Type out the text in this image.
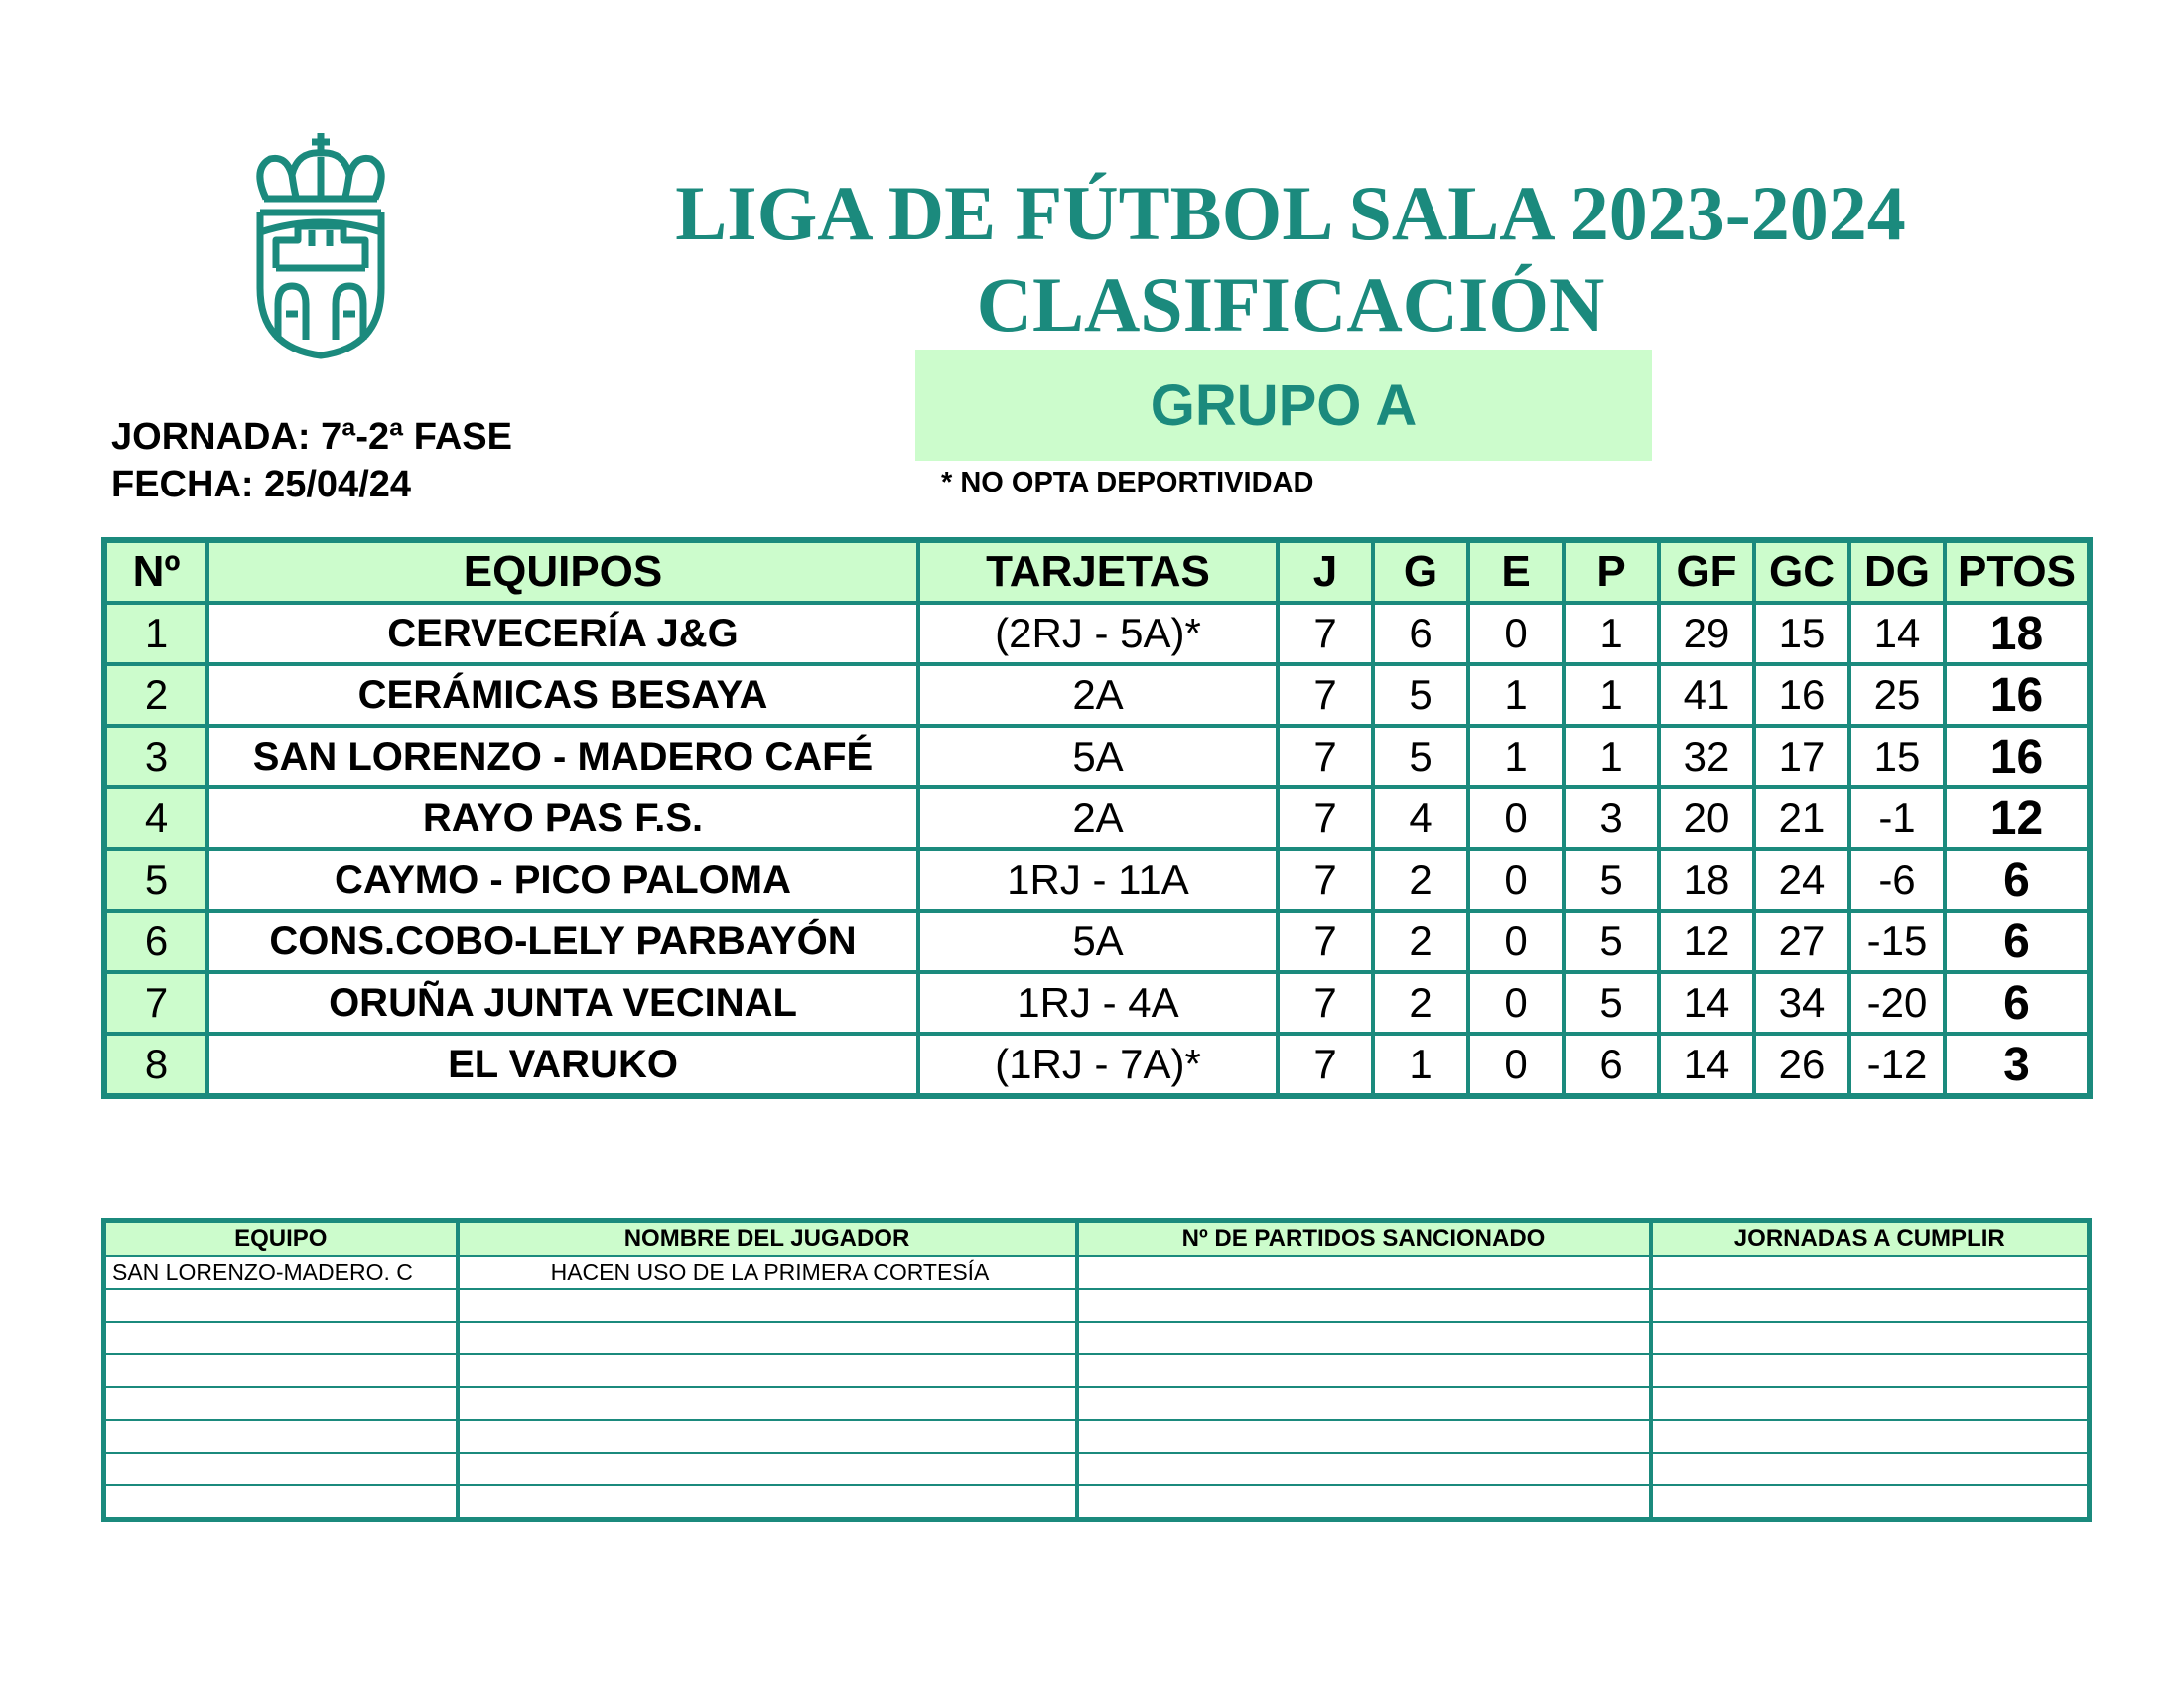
LIGA DE FÚTBOL SALA 2023-2024
CLASIFICACIÓN
GRUPO A
JORNADA: 7ª-2ª FASE
FECHA: 25/04/24	* NO OPTA DEPORTIVIDAD
Nº	EQUIPOS	TARJETAS	J	G	E	P	GF	GC	DG	PTOS
1	CERVECERÍA J&G	(2RJ - 5A)*	7	6	0	1	29	15	14	18
2	CERÁMICAS BESAYA	2A	7	5	1	1	41	16	25	16
3	SAN LORENZO - MADERO CAFÉ	5A	7	5	1	1	32	17	15	16
4	RAYO PAS F.S.	2A	7	4	0	3	20	21	-1	12
5	CAYMO - PICO PALOMA	1RJ - 11A	7	2	0	5	18	24	-6	6
6	CONS.COBO-LELY PARBAYÓN	5A	7	2	0	5	12	27	-15	6
7	ORUÑA JUNTA VECINAL	1RJ - 4A	7	2	0	5	14	34	-20	6
8	EL VARUKO	(1RJ - 7A)*	7	1	0	6	14	26	-12	3
EQUIPO	NOMBRE DEL JUGADOR	Nº DE PARTIDOS SANCIONADO	JORNADAS A CUMPLIR
SAN LORENZO-MADERO. C	HACEN USO DE LA PRIMERA CORTESÍA		
